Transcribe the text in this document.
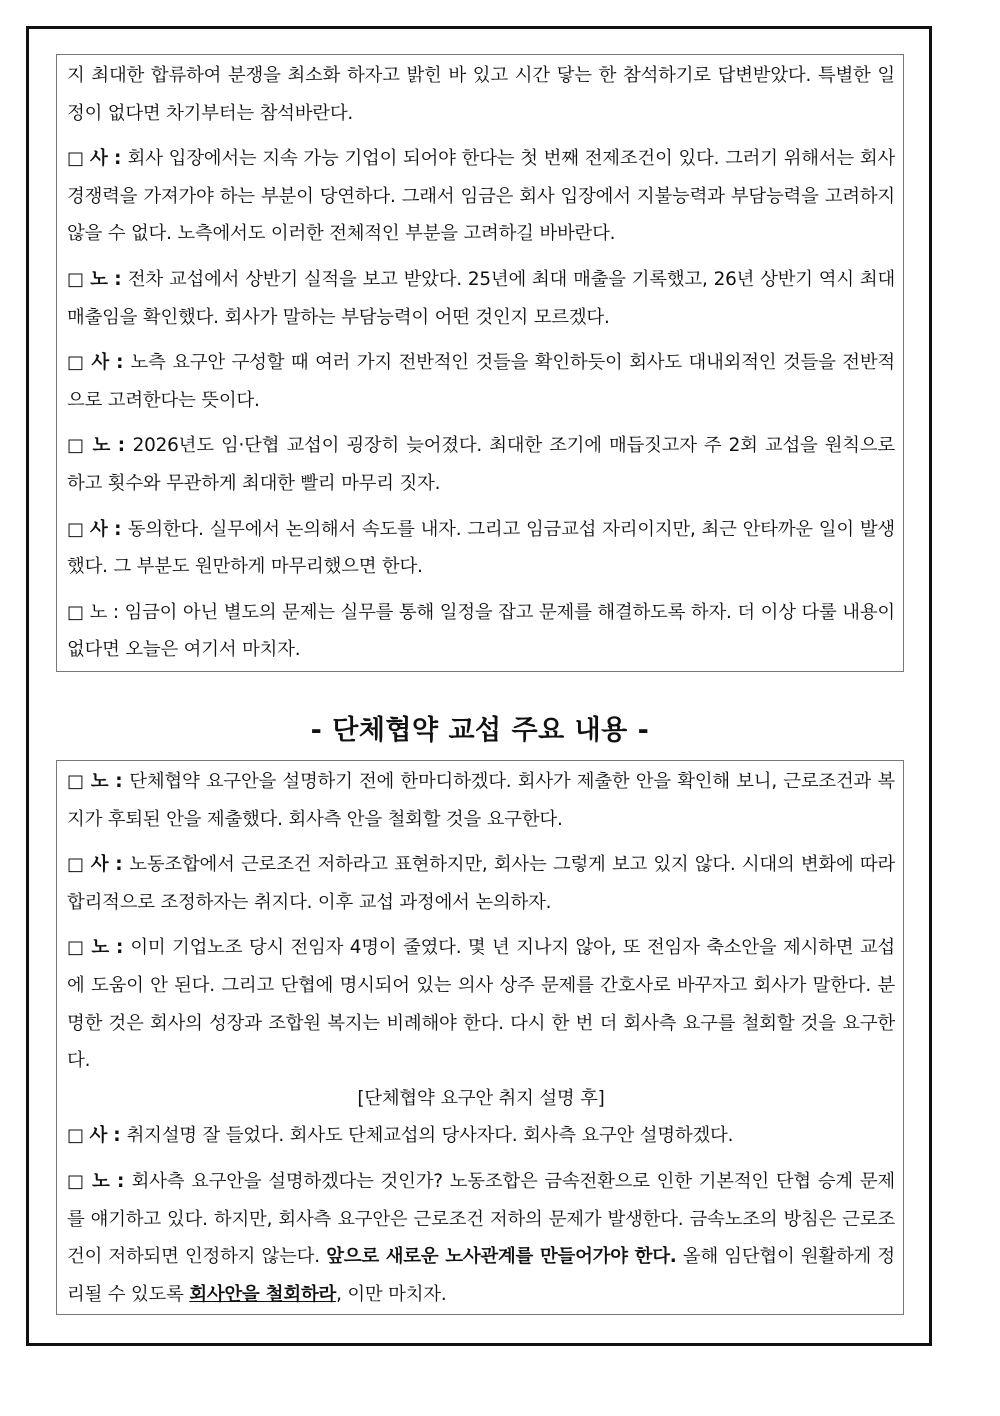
지 최대한 합류하여 분쟁을 최소화 하자고 밝힌 바 있고 시간 닿는 한 참석하기로 답변받았다. 특별한 일정이 없다면 차기부터는 참석바란다.

□ 사 : 회사 입장에서는 지속 가능 기업이 되어야 한다는 첫 번째 전제조건이 있다. 그러기 위해서는 회사 경쟁력을 가져가야 하는 부분이 당연하다. 그래서 임금은 회사 입장에서 지불능력과 부담능력을 고려하지 않을 수 없다. 노측에서도 이러한 전체적인 부분을 고려하길 바바란다.

□ 노 : 전차 교섭에서 상반기 실적을 보고 받았다. 25년에 최대 매출을 기록했고, 26년 상반기 역시 최대 매출임을 확인했다. 회사가 말하는 부담능력이 어떤 것인지 모르겠다.

□ 사 : 노측 요구안 구성할 때 여러 가지 전반적인 것들을 확인하듯이 회사도 대내외적인 것들을 전반적으로 고려한다는 뜻이다.

□ 노 : 2026년도 임·단협 교섭이 굉장히 늦어졌다. 최대한 조기에 매듭짓고자 주 2회 교섭을 원칙으로 하고 횟수와 무관하게 최대한 빨리 마무리 짓자.

□ 사 : 동의한다. 실무에서 논의해서 속도를 내자. 그리고 임금교섭 자리이지만, 최근 안타까운 일이 발생했다. 그 부분도 원만하게 마무리했으면 한다.

□ 노 : 임금이 아닌 별도의 문제는 실무를 통해 일정을 잡고 문제를 해결하도록 하자. 더 이상 다룰 내용이 없다면 오늘은 여기서 마치자.

- 단체협약 교섭 주요 내용 -

□ 노 : 단체협약 요구안을 설명하기 전에 한마디하겠다. 회사가 제출한 안을 확인해 보니, 근로조건과 복지가 후퇴된 안을 제출했다. 회사측 안을 철회할 것을 요구한다.

□ 사 : 노동조합에서 근로조건 저하라고 표현하지만, 회사는 그렇게 보고 있지 않다. 시대의 변화에 따라 합리적으로 조정하자는 취지다. 이후 교섭 과정에서 논의하자.

□ 노 : 이미 기업노조 당시 전임자 4명이 줄였다. 몇 년 지나지 않아, 또 전임자 축소안을 제시하면 교섭에 도움이 안 된다. 그리고 단협에 명시되어 있는 의사 상주 문제를 간호사로 바꾸자고 회사가 말한다. 분명한 것은 회사의 성장과 조합원 복지는 비례해야 한다. 다시 한 번 더 회사측 요구를 철회할 것을 요구한다.

[단체협약 요구안 취지 설명 후]

□ 사 : 취지설명 잘 들었다. 회사도 단체교섭의 당사자다. 회사측 요구안 설명하겠다.

□ 노 : 회사측 요구안을 설명하겠다는 것인가? 노동조합은 금속전환으로 인한 기본적인 단협 승계 문제를 얘기하고 있다. 하지만, 회사측 요구안은 근로조건 저하의 문제가 발생한다. 금속노조의 방침은 근로조건이 저하되면 인정하지 않는다. 앞으로 새로운 노사관계를 만들어가야 한다. 올해 임단협이 원활하게 정리될 수 있도록 회사안을 철회하라, 이만 마치자.
